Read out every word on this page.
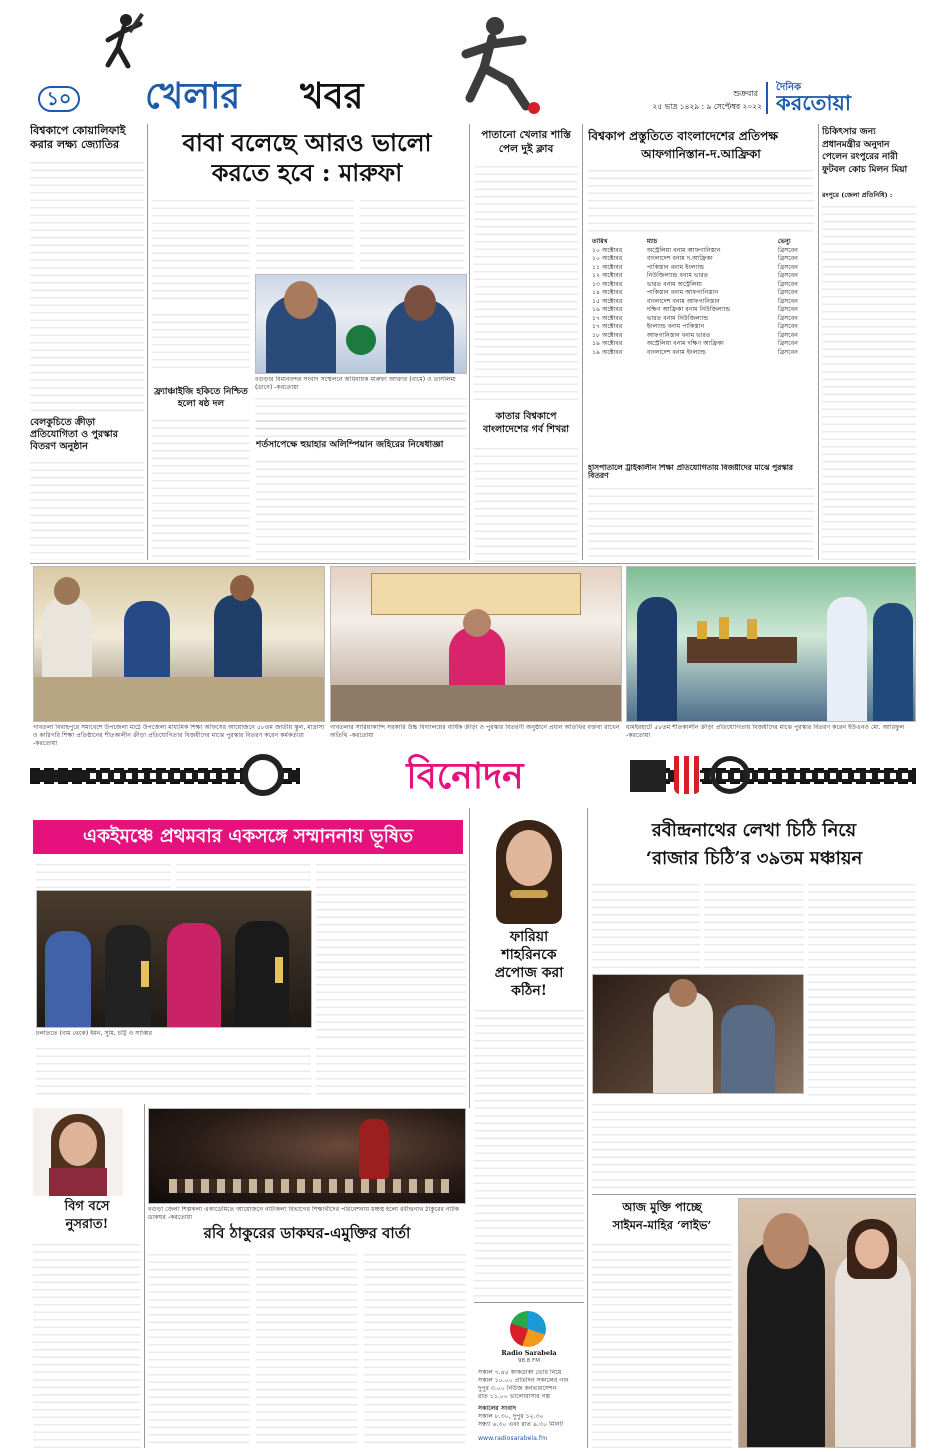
১০ খেলার	খবর	শুক্রবার
২৫ ভাদ্র ১৪২৯ : ৯ সেপ্টেম্বর ২০২২
দৈনিক
করতোয়া
বিশ্বকাপে কোয়ালিফাই করার লক্ষ্য জ্যোতির
বেলকুচিতে ক্রীড়া প্রতিযোগিতা ও পুরস্কার বিতরণ অনুষ্ঠান
বাবা বলেছে আরও ভালো
করতে হবে : মারুফা
বগুড়ার বিমানবন্দর সংবাদ সম্মেলনে অধিনায়ক মারুফা আক্তার (বামে) ও তাসলিমা (ডানে) -করতোয়া
ফ্র্যাঞ্চাইজি হকিতে নিশ্চিত হলো ষষ্ঠ দল
শর্তসাপেক্ষে হুয়াহার অলিম্পিয়ান জহিরের নিষেধাজ্ঞা
পাতানো খেলার শাস্তি পেল দুই ক্লাব
কাতার বিশ্বকাপে বাংলাদেশের গর্ব শিখরা
বিশ্বকাপ প্রস্তুতিতে বাংলাদেশের প্রতিপক্ষ
আফগানিস্তান-দ.আফ্রিকা
তারিখ	ম্যাচ	ভেন্যু
১০ অক্টোবর	অস্ট্রেলিয়া বনাম আফগানিস্তান	ব্রিসবেন
১০ অক্টোবর	বাংলাদেশ বনাম দ.আফ্রিকা	ব্রিসবেন
১১ অক্টোবর	পাকিস্তান বনাম ইংল্যান্ড	ব্রিসবেন
১২ অক্টোবর	নিউজিল্যান্ড বনাম ভারত	ব্রিসবেন
১৩ অক্টোবর	ভারত বনাম অস্ট্রেলিয়া	ব্রিসবেন
১৪ অক্টোবর	পাকিস্তান বনাম আফগানিস্তান	ব্রিসবেন
১৫ অক্টোবর	বাংলাদেশ বনাম আফগানিস্তান	ব্রিসবেন
১৬ অক্টোবর	দক্ষিণ আফ্রিকা বনাম নিউজিল্যান্ড	ব্রিসবেন
১৭ অক্টোবর	ভারত বনাম নিউজিল্যান্ড	ব্রিসবেন
১৭ অক্টোবর	ইংল্যান্ড বনাম পাকিস্তান	ব্রিসবেন
১৮ অক্টোবর	আফগানিস্তান বনাম ভারত	ব্রিসবেন
১৯ অক্টোবর	অস্ট্রেলিয়া বনাম দক্ষিণ আফ্রিকা	ব্রিসবেন
১৯ অক্টোবর	বাংলাদেশ বনাম ইংল্যান্ড	ব্রিসবেন
হাসপাতালে ট্রাইকালীন শিক্ষা প্রতিযোগিতায় বিজয়ীদের মাঝে পুরস্কার বিতরণ
চিকিৎসার জন্য প্রধানমন্ত্রীর অনুদান পেলেন রংপুরের নারী ফুটবল কোচ মিলন মিয়া
রংপুরে (জেলা প্রতিনিধি) :
গাবতলা বিবাহপুরে সমাবেশে উপজেলা মাঠে উপজেলা মাধ্যমিক শিক্ষা অফিসের আয়োজনে ৫৮তম জাতীয় স্কুল, মাদ্রাসা ও কারিগরি শিক্ষা প্রতিষ্ঠানের শীতকালীন ক্রীড়া প্রতিযোগিতার বিজয়ীদের মাঝে পুরস্কার বিতরণ করেন কর্মকর্তারা -করতোয়া
গাবতলার সারিয়াকান্দি সরকারি উচ্চ বিদ্যালয়ের বার্ষিক ক্রীড়া ও পুরস্কার বিতরণী অনুষ্ঠানে প্রধান অতিথির বক্তব্য রাখেন অতিথি -করতোয়া
ধামইরহাটে ৫৮তম শীতকালীন ক্রীড়া প্রতিযোগিতায় বিজয়ীদের মাঝে পুরস্কার বিতরণ করেন ইউএনও মো. আরিফুল -করতোয়া
বিনোদন
একইমঞ্চে প্রথমবার একসঙ্গে সম্মাননায় ভূষিত
চলতিতে (বাম থেকে) ইমন, সুমি, চট্টি ও সাব্বির
ফারিয়া
শাহরিনকে
প্রপোজ করা
কঠিন!
রবীন্দ্রনাথের লেখা চিঠি নিয়ে
‘রাজার চিঠি’র ৩৯তম মঞ্চায়ন
বিগ বসে
নুসরাত!
বগুড়া জেলা শিল্পকলা একাডেমিতে আয়োজনে নাট্যকলা বিভাগের শিক্ষার্থীদের পরিবেশনায় মঞ্চস্থ হলো রবীন্দ্রনাথ ঠাকুরের নাটক ডাকঘর -করতোয়া
রবি ঠাকুরের ডাকঘর-এমুক্তির বার্তা
Radio Sarabela
98.8 FM
সকাল ৭.৪৫ কাকডাকা ভোর নিয়ে
সকাল ১০.০০ প্রতিদিন সকালের গান
দুপুর ৩.০০ নিউজ কনভারসেশন
রাত ১১.০০ ভালোবাসার গল্প
সকালের সংবাদ
সকাল ৮.৩০, দুপুর ১২.৩০
সন্ধ্যা ৬.৩০ এবং রাত ৯.৩০ মিনিট
www.radiosarabela.fm
আজ মুক্তি পাচ্ছে
সাইমন-মাহির ‘লাইভ’
